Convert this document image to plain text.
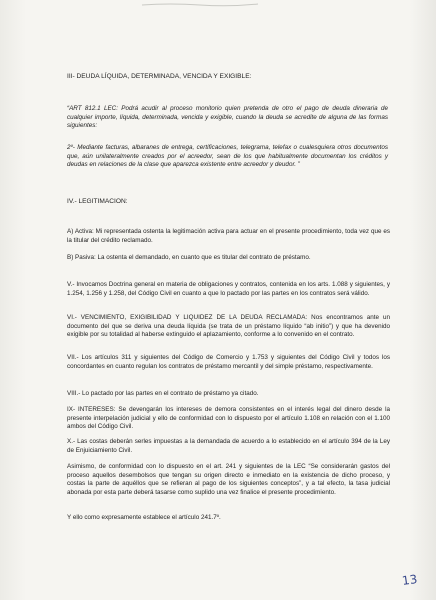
III- DEUDA LÍQUIDA, DETERMINADA, VENCIDA Y EXIGIBLE:

“ART 812.1 LEC: Podrá acudir al proceso monitorio quien pretenda de otro el pago de deuda dineraria de cualquier importe, líquida, determinada, vencida y exigible, cuando la deuda se acredite de alguna de las formas siguientes:

2º- Mediante facturas, albaranes de entrega, certificaciones, telegrama, telefax o cualesquiera otros documentos que, aún unilateralmente creados por el acreedor, sean de los que habitualmente documentan los créditos y deudas en relaciones de la clase que aparezca existente entre acreedor y deudor. ”

IV.- LEGITIMACION:

A) Activa: Mi representada ostenta la legitimación activa para actuar en el presente procedimiento, toda vez que es la titular del crédito reclamado.

B) Pasiva: La ostenta el demandado, en cuanto que es titular del contrato de préstamo.

V.- Invocamos Doctrina general en materia de obligaciones y contratos, contenida en los arts. 1.088 y siguientes, y 1.254, 1.256 y 1.258, del Código Civil en cuanto a que lo pactado por las partes en los contratos será válido.

VI.- VENCIMIENTO, EXIGIBILIDAD Y LIQUIDEZ DE LA DEUDA RECLAMADA: Nos encontramos ante un documento del que se deriva una deuda líquida (se trata de un préstamo líquido “ab initio”) y que ha devenido exigible por su totalidad al haberse extinguido el aplazamiento, conforme a lo convenido en el contrato.

VII.- Los artículos 311 y siguientes del Código de Comercio y 1.753 y siguientes del Código Civil y todos los concordantes en cuanto regulan los contratos de préstamo mercantil y del simple préstamo, respectivamente.

VIII.- Lo pactado por las partes en el contrato de préstamo ya citado.

IX- INTERESES: Se devengarán los intereses de demora consistentes en el interés legal del dinero desde la presente interpelación judicial y ello de conformidad con lo dispuesto por el artículo 1.108 en relación con el 1.100 ambos del Código Civil.

X.- Las costas deberán serles impuestas a la demandada de acuerdo a lo establecido en el artículo 394 de la Ley de Enjuiciamiento Civil.

Asimismo, de conformidad con lo dispuesto en el art. 241 y siguientes de la LEC “Se considerarán gastos del proceso aquellos desembolsos que tengan su origen directo e inmediato en la existencia de dicho proceso, y costas la parte de aquéllos que se refieran al pago de los siguientes conceptos”, y a tal efecto, la tasa judicial abonada por esta parte deberá tasarse como suplido una vez finalice el presente procedimiento.

Y ello como expresamente establece el artículo 241.7º.

13
